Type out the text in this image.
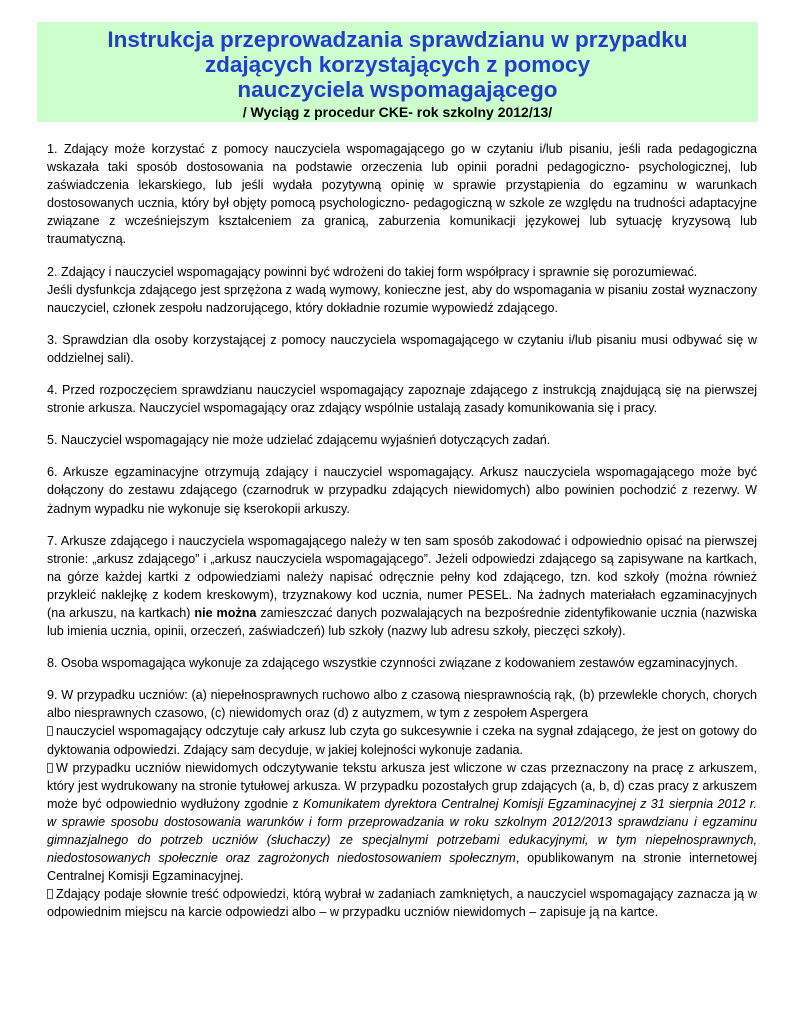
Instrukcja przeprowadzania sprawdzianu w przypadku
zdających korzystających z pomocy
nauczyciela wspomagającego
/ Wyciąg z procedur CKE- rok szkolny 2012/13/

1. Zdający może korzystać z pomocy nauczyciela wspomagającego go w czytaniu i/lub pisaniu, jeśli rada pedagogiczna wskazała taki sposób dostosowania na podstawie orzeczenia lub opinii poradni pedagogiczno- psychologicznej, lub zaświadczenia lekarskiego, lub jeśli wydała pozytywną opinię w sprawie przystąpienia do egzaminu w warunkach dostosowanych ucznia, który był objęty pomocą psychologiczno- pedagogiczną w szkole ze względu na trudności adaptacyjne związane z wcześniejszym kształceniem za granicą, zaburzenia komunikacji językowej lub sytuację kryzysową lub traumatyczną.

2. Zdający i nauczyciel wspomagający powinni być wdrożeni do takiej form współpracy i sprawnie się porozumiewać.
Jeśli dysfunkcja zdającego jest sprzężona z wadą wymowy, konieczne jest, aby do wspomagania w pisaniu został wyznaczony nauczyciel, członek zespołu nadzorującego, który dokładnie rozumie wypowiedź zdającego.

3. Sprawdzian dla osoby korzystającej z pomocy nauczyciela wspomagającego w czytaniu i/lub pisaniu musi odbywać się w oddzielnej sali).

4. Przed rozpoczęciem sprawdzianu nauczyciel wspomagający zapoznaje zdającego z instrukcją znajdującą się na pierwszej stronie arkusza. Nauczyciel wspomagający oraz zdający wspólnie ustalają zasady komunikowania się i pracy.

5. Nauczyciel wspomagający nie może udzielać zdającemu wyjaśnień dotyczących zadań.

6. Arkusze egzaminacyjne otrzymują zdający i nauczyciel wspomagający. Arkusz nauczyciela wspomagającego może być dołączony do zestawu zdającego (czarnodruk w przypadku zdających niewidomych) albo powinien pochodzić z rezerwy. W żadnym wypadku nie wykonuje się kserokopii arkuszy.

7. Arkusze zdającego i nauczyciela wspomagającego należy w ten sam sposób zakodować i odpowiednio opisać na pierwszej stronie: „arkusz zdającego” i „arkusz nauczyciela wspomagającego”. Jeżeli odpowiedzi zdającego są zapisywane na kartkach, na górze każdej kartki z odpowiedziami należy napisać odręcznie pełny kod zdającego, tzn. kod szkoły (można również przykleić naklejkę z kodem kreskowym), trzyznakowy kod ucznia, numer PESEL. Na żadnych materiałach egzaminacyjnych (na arkuszu, na kartkach) nie można zamieszczać danych pozwalających na bezpośrednie zidentyfikowanie ucznia (nazwiska lub imienia ucznia, opinii, orzeczeń, zaświadczeń) lub szkoły (nazwy lub adresu szkoły, pieczęci szkoły).

8. Osoba wspomagająca wykonuje za zdającego wszystkie czynności związane z kodowaniem zestawów egzaminacyjnych.

9. W przypadku uczniów: (a) niepełnosprawnych ruchowo albo z czasową niesprawnością rąk, (b) przewlekle chorych, chorych albo niesprawnych czasowo, (c) niewidomych oraz (d) z autyzmem, w tym z zespołem Aspergera
nauczyciel wspomagający odczytuje cały arkusz lub czyta go sukcesywnie i czeka na sygnał zdającego, że jest on gotowy do dyktowania odpowiedzi. Zdający sam decyduje, w jakiej kolejności wykonuje zadania.
W przypadku uczniów niewidomych odczytywanie tekstu arkusza jest wliczone w czas przeznaczony na pracę z arkuszem, który jest wydrukowany na stronie tytułowej arkusza. W przypadku pozostałych grup zdających (a, b, d) czas pracy z arkuszem może być odpowiednio wydłużony zgodnie z Komunikatem dyrektora Centralnej Komisji Egzaminacyjnej z 31 sierpnia 2012 r. w sprawie sposobu dostosowania warunków i form przeprowadzania w roku szkolnym 2012/2013 sprawdzianu i egzaminu gimnazjalnego do potrzeb uczniów (słuchaczy) ze specjalnymi potrzebami edukacyjnymi, w tym niepełnosprawnych, niedostosowanych społecznie oraz zagrożonych niedostosowaniem społecznym, opublikowanym na stronie internetowej Centralnej Komisji Egzaminacyjnej.
Zdający podaje słownie treść odpowiedzi, którą wybrał w zadaniach zamkniętych, a nauczyciel wspomagający zaznacza ją w odpowiednim miejscu na karcie odpowiedzi albo – w przypadku uczniów niewidomych – zapisuje ją na kartce.
